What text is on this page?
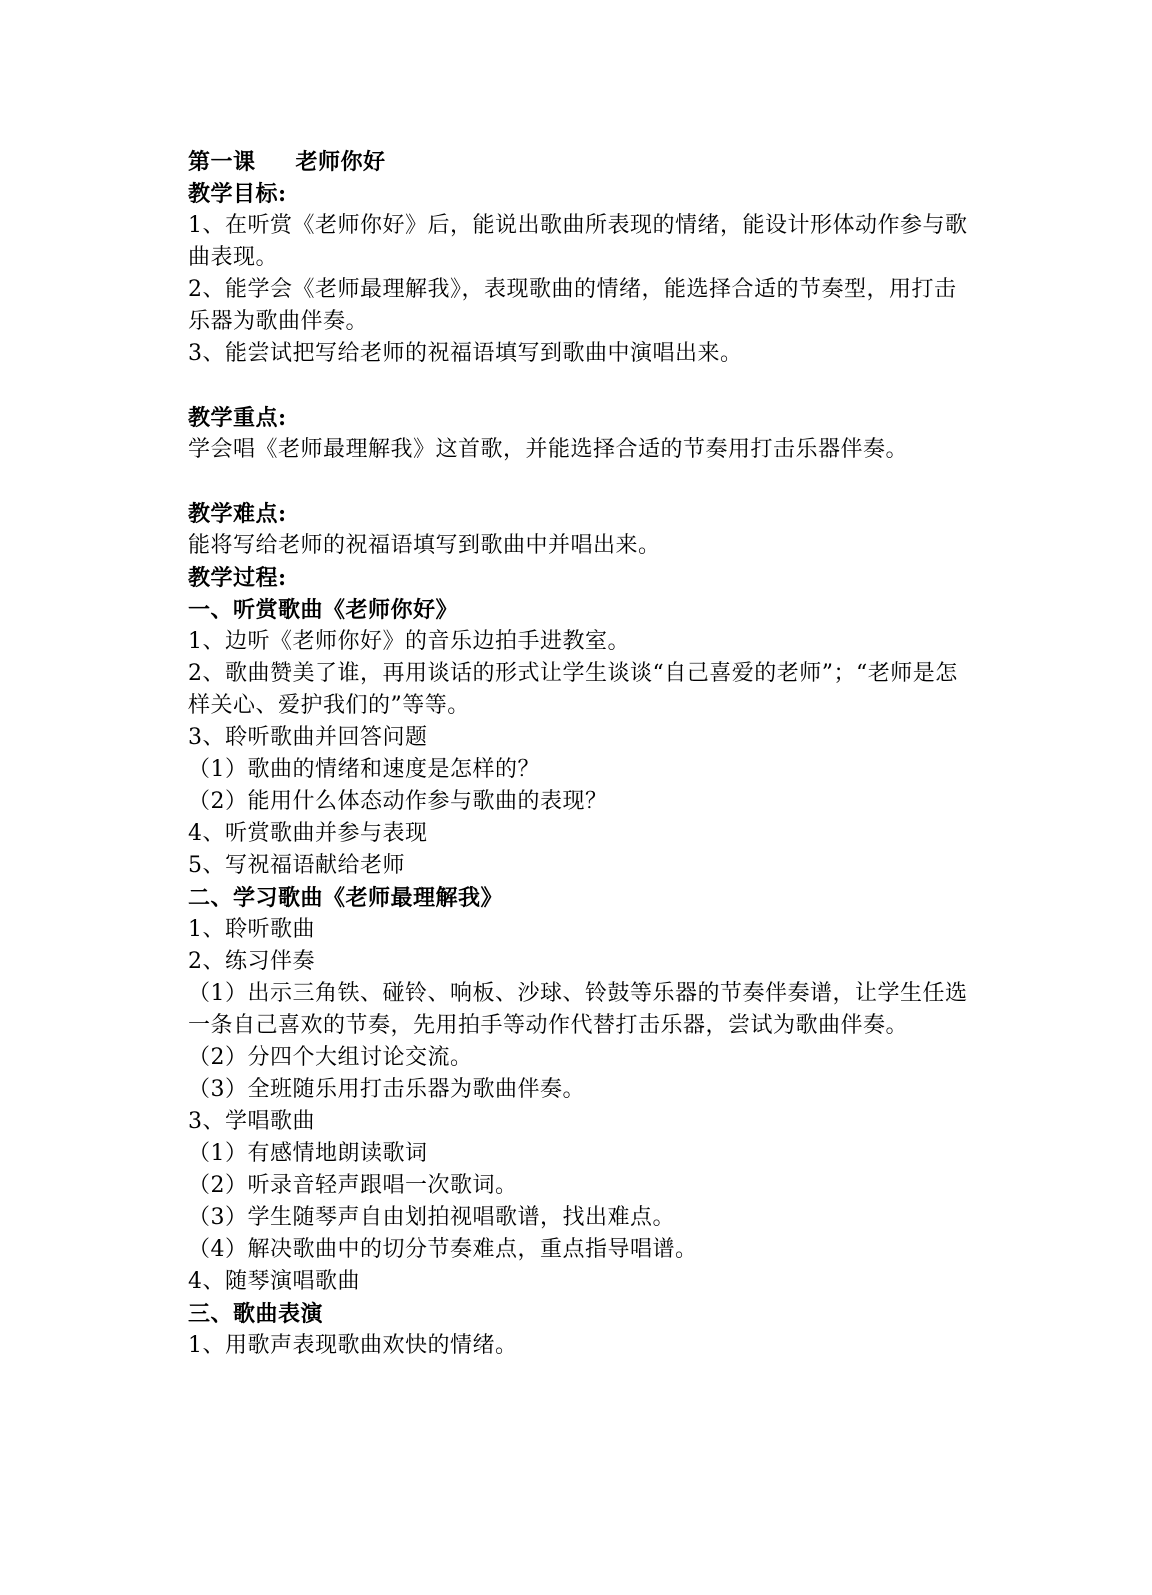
第一课 老师你好
教学目标:
1、在听赏《老师你好》后，能说出歌曲所表现的情绪，能设计形体动作参与歌曲表现。
2、能学会《老师最理解我》，表现歌曲的情绪，能选择合适的节奏型，用打击乐器为歌曲伴奏。
3、能尝试把写给老师的祝福语填写到歌曲中演唱出来。
教学重点:
学会唱《老师最理解我》这首歌，并能选择合适的节奏用打击乐器伴奏。
教学难点:
能将写给老师的祝福语填写到歌曲中并唱出来。
教学过程:
一、听赏歌曲《老师你好》
1、边听《老师你好》的音乐边拍手进教室。
2、歌曲赞美了谁，再用谈话的形式让学生谈谈“自己喜爱的老师”；“老师是怎样关心、爱护我们的”等等。
3、聆听歌曲并回答问题
（1）歌曲的情绪和速度是怎样的？
（2）能用什么体态动作参与歌曲的表现？
4、听赏歌曲并参与表现
5、写祝福语献给老师
二、学习歌曲《老师最理解我》
1、聆听歌曲
2、练习伴奏
（1）出示三角铁、碰铃、响板、沙球、铃鼓等乐器的节奏伴奏谱，让学生任选一条自己喜欢的节奏，先用拍手等动作代替打击乐器，尝试为歌曲伴奏。
（2）分四个大组讨论交流。
（3）全班随乐用打击乐器为歌曲伴奏。
3、学唱歌曲
（1）有感情地朗读歌词
（2）听录音轻声跟唱一次歌词。
（3）学生随琴声自由划拍视唱歌谱，找出难点。
（4）解决歌曲中的切分节奏难点，重点指导唱谱。
4、随琴演唱歌曲
三、歌曲表演
1、用歌声表现歌曲欢快的情绪。
